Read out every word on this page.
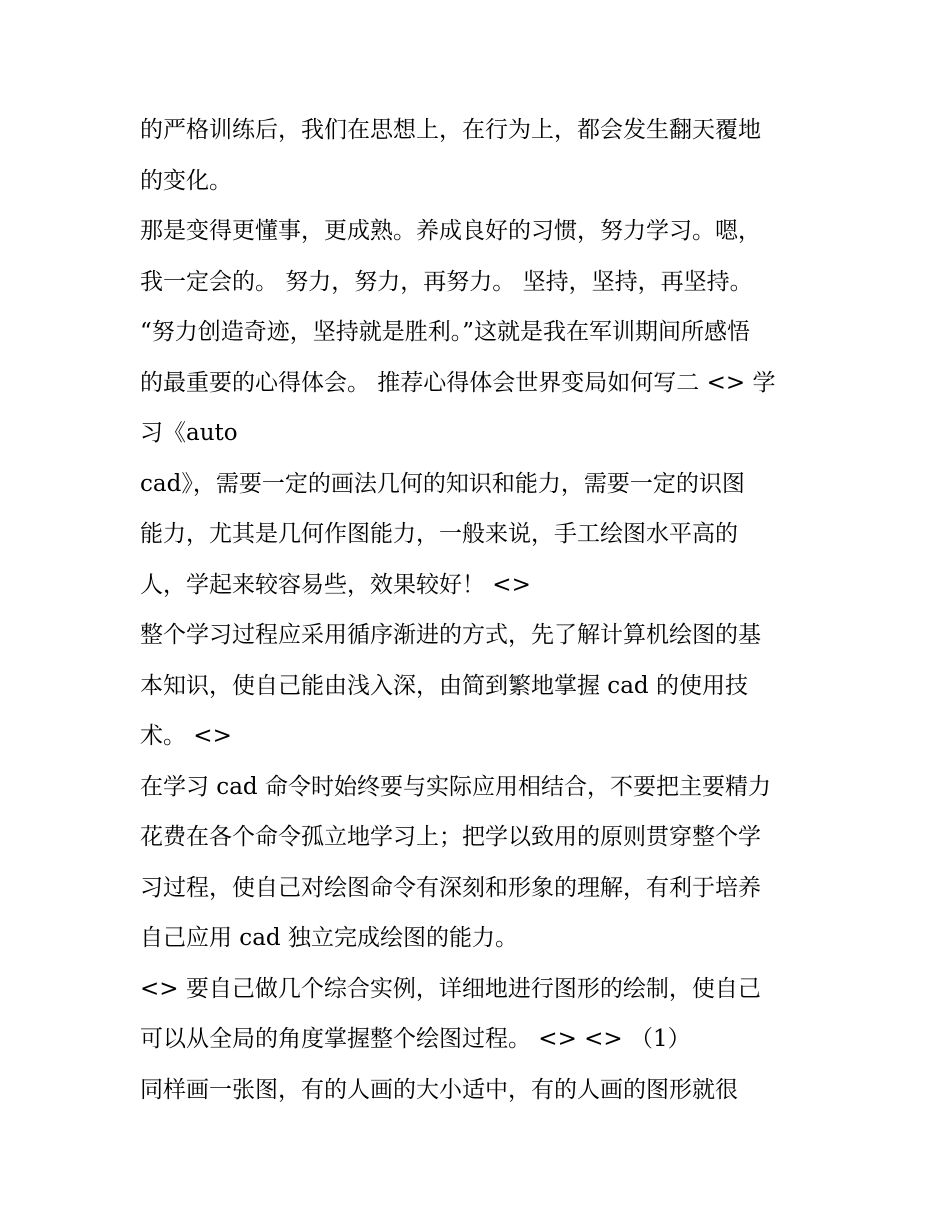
的严格训练后，我们在思想上，在行为上，都会发生翻天覆地
的变化。
那是变得更懂事，更成熟。养成良好的习惯，努力学习。嗯，
我一定会的。 努力，努力，再努力。 坚持，坚持，再坚持。
“努力创造奇迹，坚持就是胜利。”这就是我在军训期间所感悟
的最重要的心得体会。 推荐心得体会世界变局如何写二 <> 学
习《auto
cad》，需要一定的画法几何的知识和能力，需要一定的识图
能力，尤其是几何作图能力，一般来说，手工绘图水平高的
人，学起来较容易些，效果较好！ <>
整个学习过程应采用循序渐进的方式，先了解计算机绘图的基
本知识，使自己能由浅入深，由简到繁地掌握 cad 的使用技
术。 <>
在学习 cad 命令时始终要与实际应用相结合，不要把主要精力
花费在各个命令孤立地学习上；把学以致用的原则贯穿整个学
习过程，使自己对绘图命令有深刻和形象的理解，有利于培养
自己应用 cad 独立完成绘图的能力。
<> 要自己做几个综合实例，详细地进行图形的绘制，使自己
可以从全局的角度掌握整个绘图过程。 <> <> （1）
同样画一张图，有的人画的大小适中，有的人画的图形就很
